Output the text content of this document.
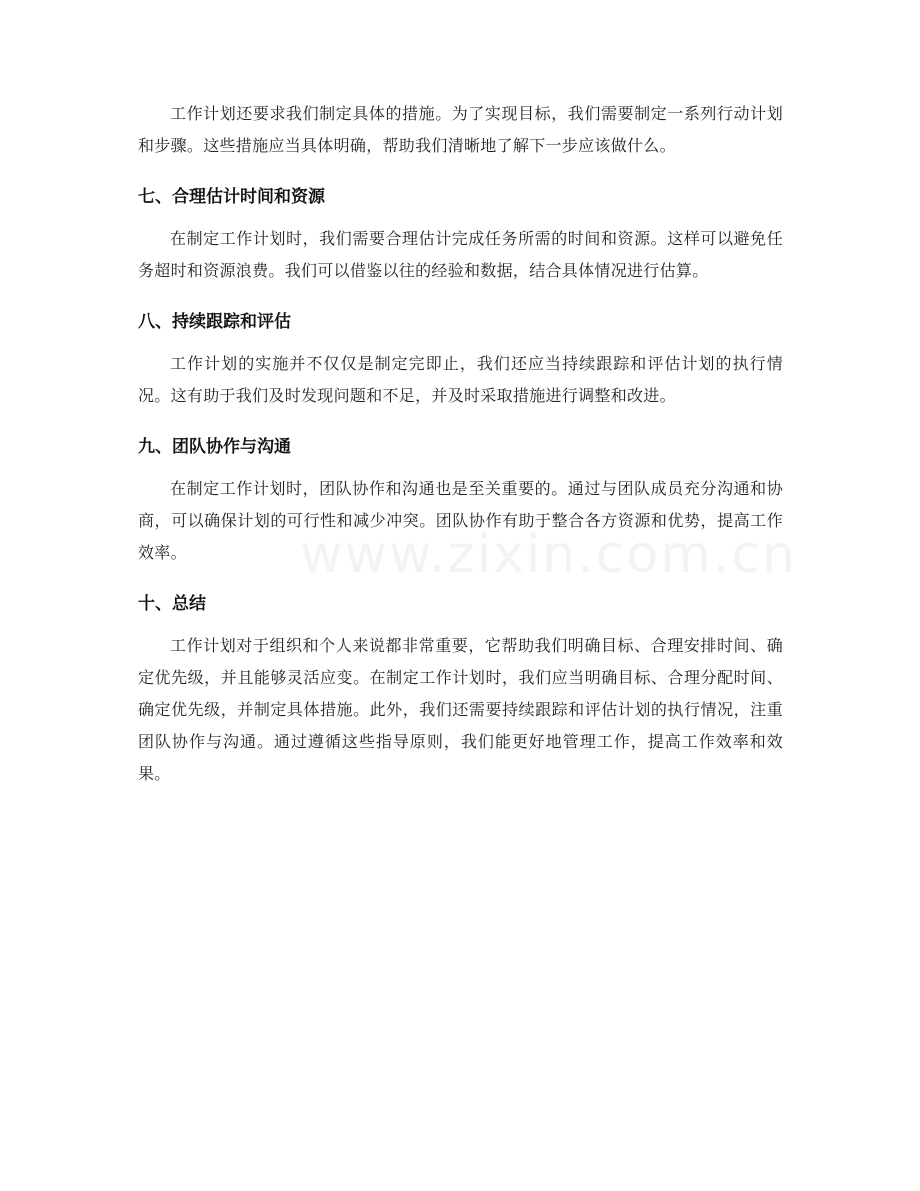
www.zixin.com.cn

工作计划还要求我们制定具体的措施。为了实现目标，我们需要制定一系列行动计划和步骤。这些措施应当具体明确，帮助我们清晰地了解下一步应该做什么。

七、合理估计时间和资源

在制定工作计划时，我们需要合理估计完成任务所需的时间和资源。这样可以避免任务超时和资源浪费。我们可以借鉴以往的经验和数据，结合具体情况进行估算。

八、持续跟踪和评估

工作计划的实施并不仅仅是制定完即止，我们还应当持续跟踪和评估计划的执行情况。这有助于我们及时发现问题和不足，并及时采取措施进行调整和改进。

九、团队协作与沟通

在制定工作计划时，团队协作和沟通也是至关重要的。通过与团队成员充分沟通和协商，可以确保计划的可行性和减少冲突。团队协作有助于整合各方资源和优势，提高工作效率。

十、总结

工作计划对于组织和个人来说都非常重要，它帮助我们明确目标、合理安排时间、确定优先级，并且能够灵活应变。在制定工作计划时，我们应当明确目标、合理分配时间、确定优先级，并制定具体措施。此外，我们还需要持续跟踪和评估计划的执行情况，注重团队协作与沟通。通过遵循这些指导原则，我们能更好地管理工作，提高工作效率和效果。
